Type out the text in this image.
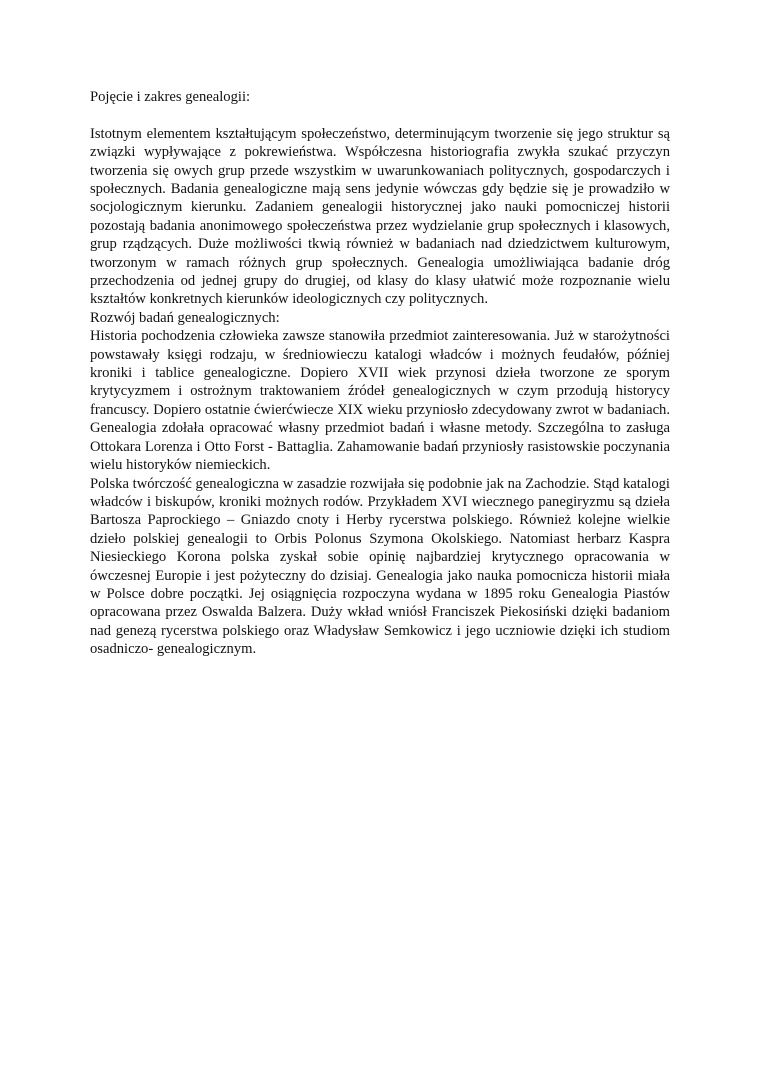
Pojęcie i zakres genealogii:

Istotnym elementem kształtującym społeczeństwo, determinującym tworzenie się jego struktur są związki wypływające z pokrewieństwa. Współczesna historiografia zwykła szukać przyczyn tworzenia się owych grup przede wszystkim w uwarunkowaniach politycznych, gospodarczych i społecznych. Badania genealogiczne mają sens jedynie wówczas gdy będzie się je prowadziło w socjologicznym kierunku. Zadaniem genealogii historycznej jako nauki pomocniczej historii pozostają badania anonimowego społeczeństwa przez wydzielanie grup społecznych i klasowych, grup rządzących. Duże możliwości tkwią również w badaniach nad dziedzictwem kulturowym, tworzonym w ramach różnych grup społecznych. Genealogia umożliwiająca badanie dróg przechodzenia od jednej grupy do drugiej, od klasy do klasy ułatwić może rozpoznanie wielu kształtów konkretnych kierunków ideologicznych czy politycznych.

Rozwój badań genealogicznych:

Historia pochodzenia człowieka zawsze stanowiła przedmiot zainteresowania. Już w starożytności powstawały księgi rodzaju, w średniowieczu katalogi władców i możnych feudałów, później kroniki i tablice genealogiczne. Dopiero XVII wiek przynosi dzieła tworzone ze sporym krytycyzmem i ostrożnym traktowaniem źródeł genealogicznych w czym przodują historycy francuscy. Dopiero ostatnie ćwierćwiecze XIX wieku przyniosło zdecydowany zwrot w badaniach. Genealogia zdołała opracować własny przedmiot badań i własne metody. Szczególna to zasługa Ottokara Lorenza i Otto Forst - Battaglia. Zahamowanie badań przyniosły rasistowskie poczynania wielu historyków niemieckich.

Polska twórczość genealogiczna w zasadzie rozwijała się podobnie jak na Zachodzie. Stąd katalogi władców i biskupów, kroniki możnych rodów. Przykładem XVI wiecznego panegiryzmu są dzieła Bartosza Paprockiego – Gniazdo cnoty i Herby rycerstwa polskiego. Również kolejne wielkie dzieło polskiej genealogii to Orbis Polonus Szymona Okolskiego. Natomiast herbarz Kaspra Niesieckiego Korona polska zyskał sobie opinię najbardziej krytycznego opracowania w ówczesnej Europie i jest pożyteczny do dzisiaj. Genealogia jako nauka pomocnicza historii miała w Polsce dobre początki. Jej osiągnięcia rozpoczyna wydana w 1895 roku Genealogia Piastów opracowana przez Oswalda Balzera. Duży wkład wniósł Franciszek Piekosiński dzięki badaniom nad genezą rycerstwa polskiego oraz Władysław Semkowicz i jego uczniowie dzięki ich studiom osadniczo- genealogicznym.
